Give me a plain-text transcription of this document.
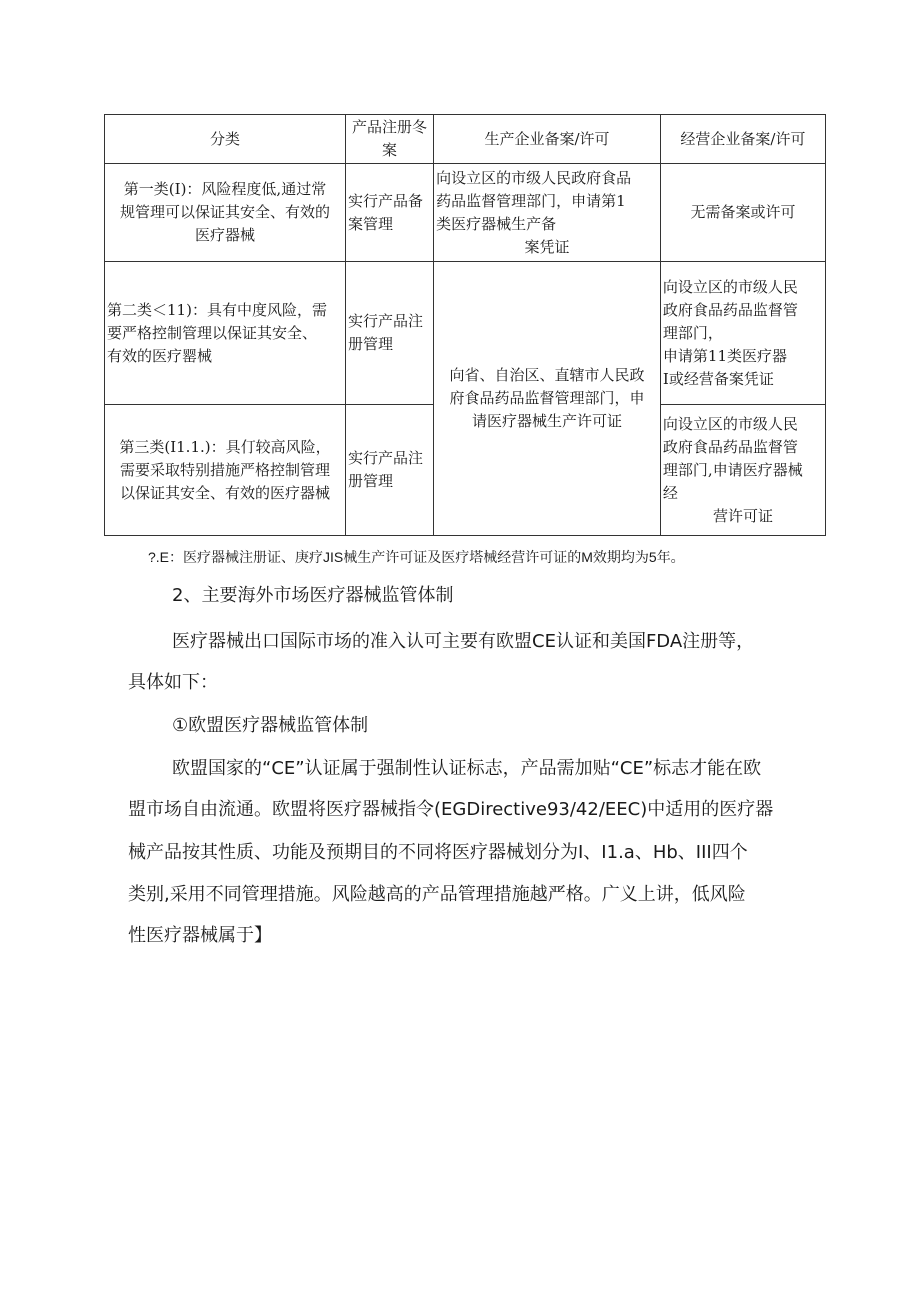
分类	产品注册冬案	生产企业备案/许可	经营企业备案/许可

第一类(I)：风险程度低,通过常
规管理可以保证其安全、有效的
医疗器械	实行产品备
案管理	向设立区的市级人民政府食品
药品监督管理部门，申请第1
类医疗器械生产备
案凭证	无需备案或许可

第二类＜11)：具有中度风险，需
要严格控制管理以保证其安全、
有效的医疗罂械	实行产品注
册管理	向省、自治区、直辖市人民政
府食品药品监督管理部门，申
请医疗器械生产许可证	向设立区的市级人民
政府食品药品监督管
理部门，
申请第11类医疗器
I或经营备案凭证

第三类(I1.1.)：具仃较高风险，
需要采取特别措施严格控制管理
以保证其安全、有效的医疗器械	实行产品注
册管理		向设立区的市级人民
政府食品药品监督管
理部门,申请医疗器械
经
营许可证
?.E：医疗器械注册证、庚疗JIS械生产许可证及医疗塔械经营许可证的M效期均为5年。
2、主要海外市场医疗器械监管体制
医疗器械出口国际市场的准入认可主要有欧盟CE认证和美国FDA注册等，
具体如下：
①欧盟医疗器械监管体制
欧盟国家的“CE”认证属于强制性认证标志，产品需加贴“CE”标志才能在欧
盟市场自由流通。欧盟将医疗器械指令(EGDirective93/42/EEC)中适用的医疗器
械产品按其性质、功能及预期目的不同将医疗器械划分为I、I1.a、Hb、III四个
类别,采用不同管理措施。风险越高的产品管理措施越严格。广义上讲，低风险
性医疗器械属于】
